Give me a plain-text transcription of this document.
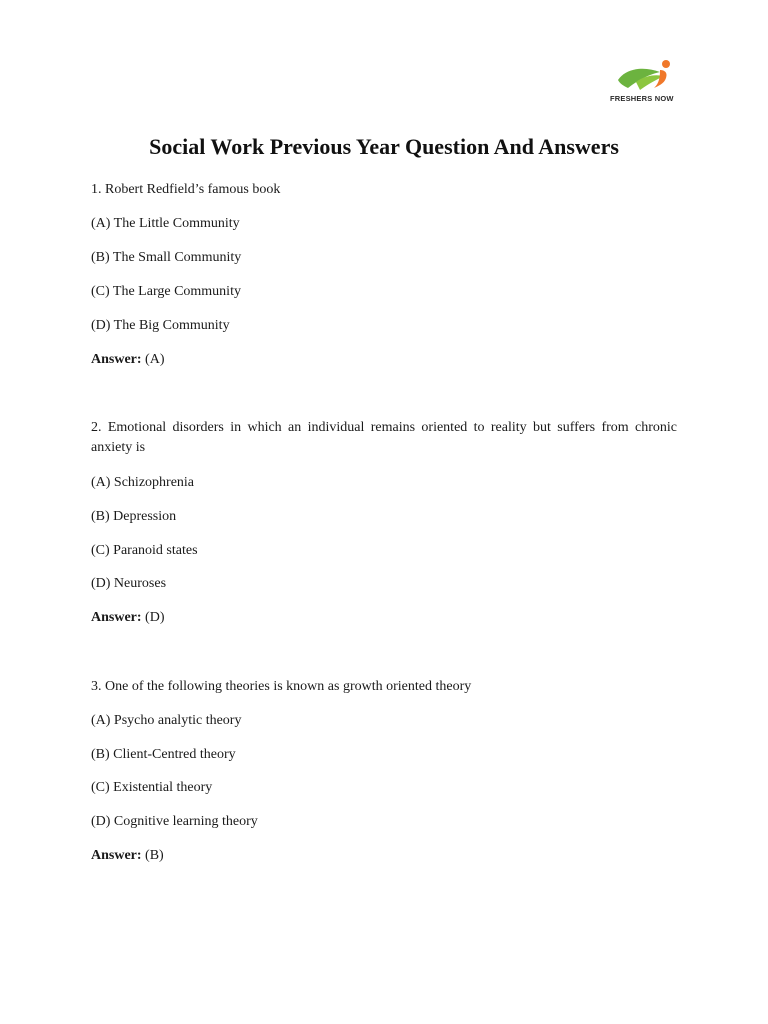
FRESHERS NOW
Social Work Previous Year Question And Answers
1. Robert Redfield’s famous book
(A) The Little Community
(B) The Small Community
(C) The Large Community
(D) The Big Community
Answer: (A)
2. Emotional disorders in which an individual remains oriented to reality but suffers from chronic anxiety is
(A) Schizophrenia
(B) Depression
(C) Paranoid states
(D) Neuroses
Answer: (D)
3. One of the following theories is known as growth oriented theory
(A) Psycho analytic theory
(B) Client-Centred theory
(C) Existential theory
(D) Cognitive learning theory
Answer: (B)
